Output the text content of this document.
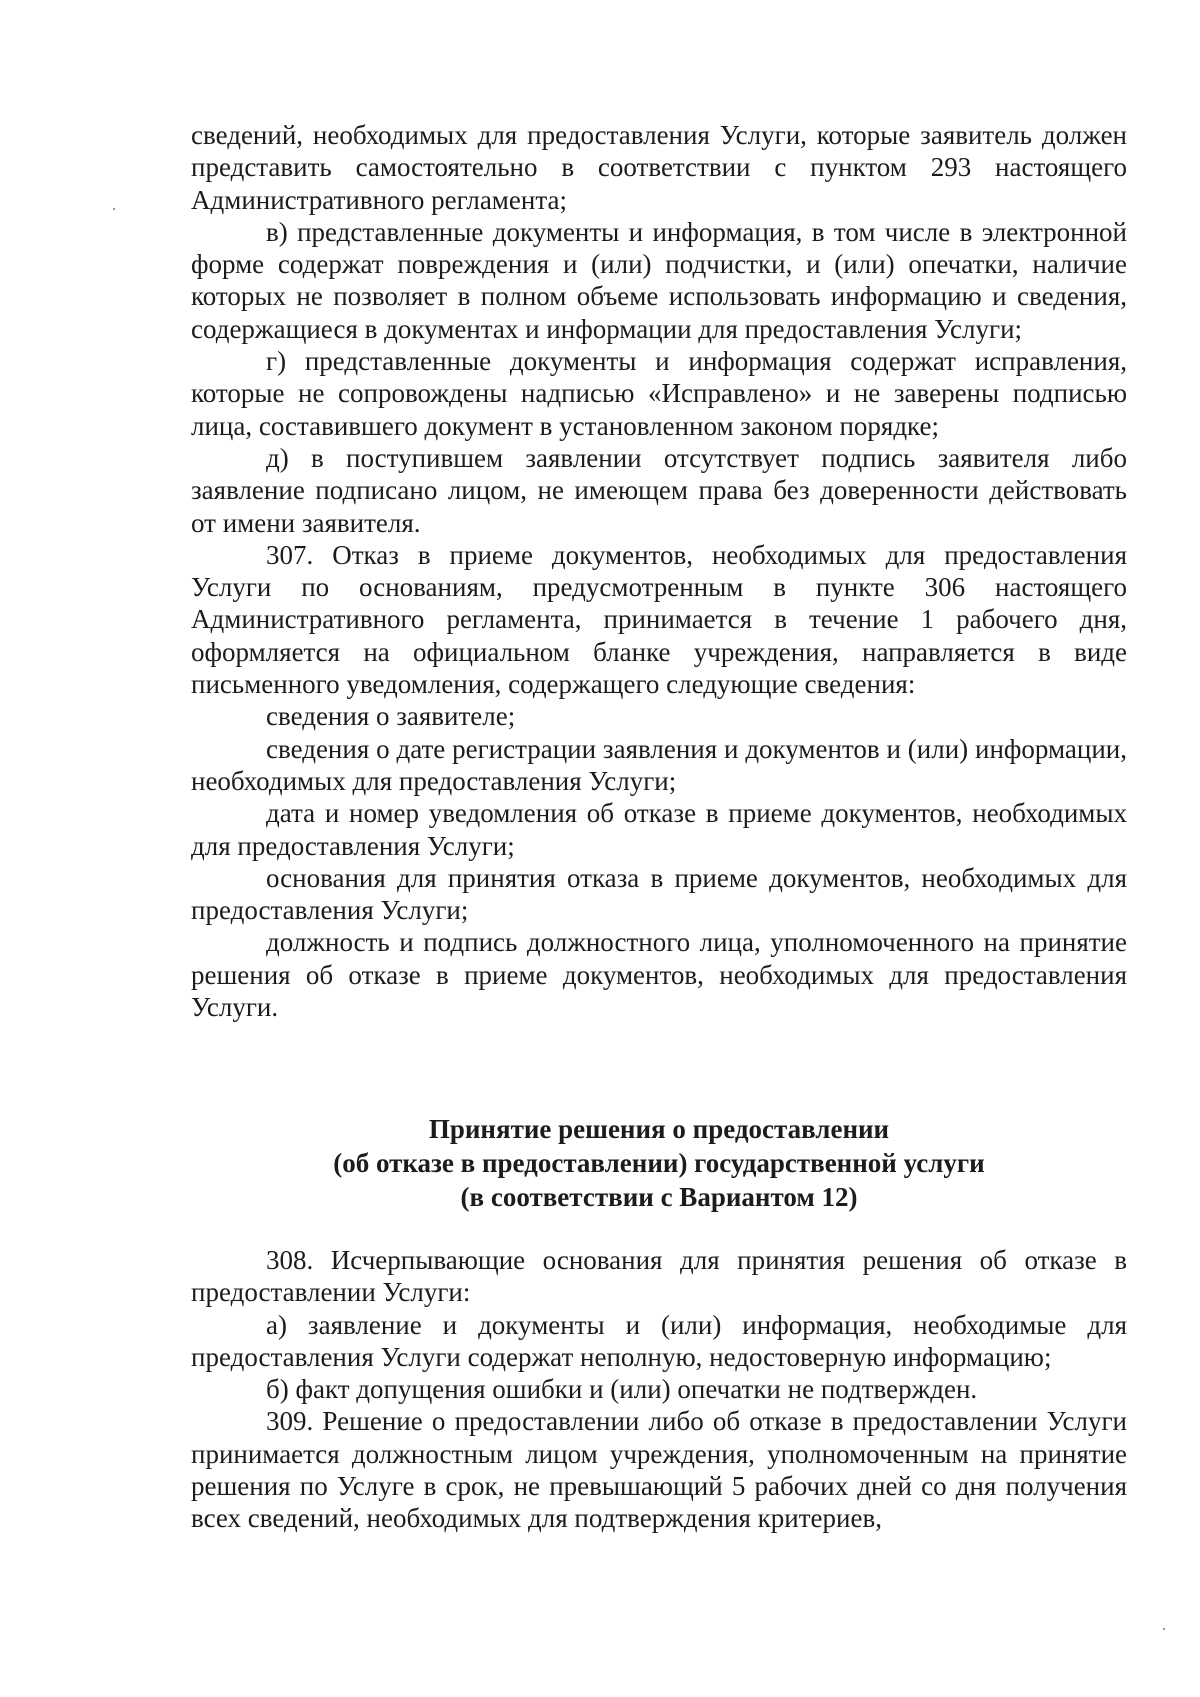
сведений, необходимых для предоставления Услуги, которые заявитель должен представить самостоятельно в соответствии с пунктом 293 настоящего Административного регламента;

в) представленные документы и информация, в том числе в электронной форме содержат повреждения и (или) подчистки, и (или) опечатки, наличие которых не позволяет в полном объеме использовать информацию и сведения, содержащиеся в документах и информации для предоставления Услуги;

г) представленные документы и информация содержат исправления, которые не сопровождены надписью «Исправлено» и не заверены подписью лица, составившего документ в установленном законом порядке;

д) в поступившем заявлении отсутствует подпись заявителя либо заявление подписано лицом, не имеющем права без доверенности действовать от имени заявителя.

307. Отказ в приеме документов, необходимых для предоставления Услуги по основаниям, предусмотренным в пункте 306 настоящего Административного регламента, принимается в течение 1 рабочего дня, оформляется на официальном бланке учреждения, направляется в виде письменного уведомления, содержащего следующие сведения:

сведения о заявителе;

сведения о дате регистрации заявления и документов и (или) информации, необходимых для предоставления Услуги;

дата и номер уведомления об отказе в приеме документов, необходимых для предоставления Услуги;

основания для принятия отказа в приеме документов, необходимых для предоставления Услуги;

должность и подпись должностного лица, уполномоченного на принятие решения об отказе в приеме документов, необходимых для предоставления Услуги.

Принятие решения о предоставлении
(об отказе в предоставлении) государственной услуги
(в соответствии с Вариантом 12)

308. Исчерпывающие основания для принятия решения об отказе в предоставлении Услуги:

а) заявление и документы и (или) информация, необходимые для предоставления Услуги содержат неполную, недостоверную информацию;

б) факт допущения ошибки и (или) опечатки не подтвержден.

309. Решение о предоставлении либо об отказе в предоставлении Услуги принимается должностным лицом учреждения, уполномоченным на принятие решения по Услуге в срок, не превышающий 5 рабочих дней со дня получения всех сведений, необходимых для подтверждения критериев,
